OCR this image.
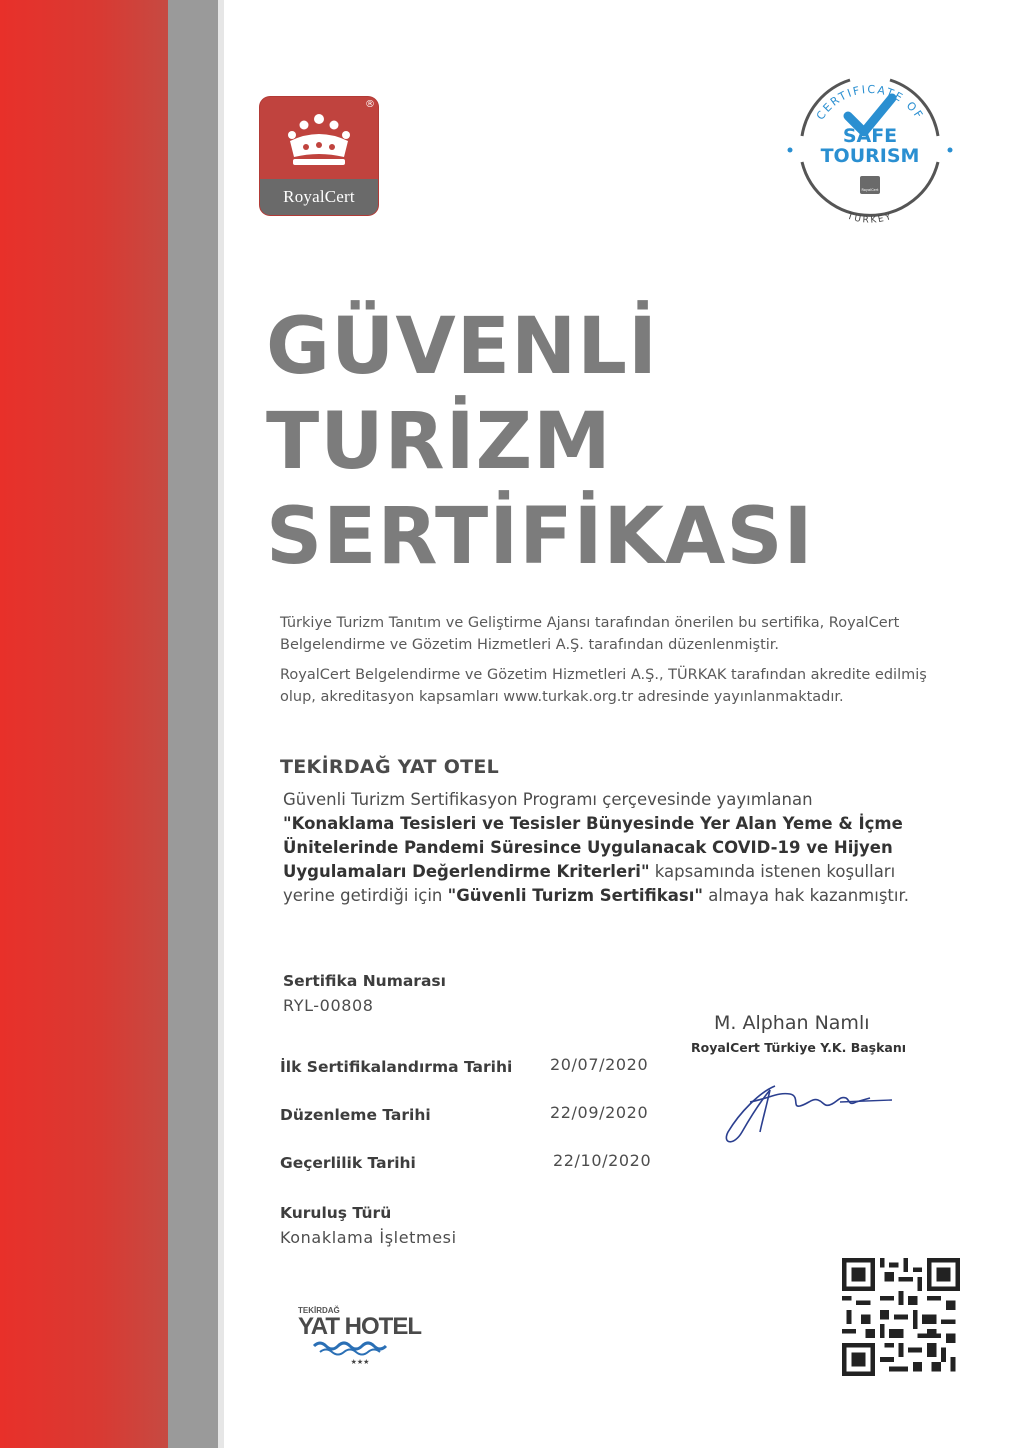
®
RoyalCert
CERTIFICATE OF
SAFE
TOURISM
RoyalCert
TURKEY
GÜVENLİ
TURİZM
SERTİFİKASI

Türkiye Turizm Tanıtım ve Geliştirme Ajansı tarafından önerilen bu sertifika, RoyalCert Belgelendirme ve Gözetim Hizmetleri A.Ş. tarafından düzenlenmiştir.

RoyalCert Belgelendirme ve Gözetim Hizmetleri A.Ş., TÜRKAK tarafından akredite edilmiş olup, akreditasyon kapsamları www.turkak.org.tr adresinde yayınlanmaktadır.

TEKİRDAĞ YAT OTEL
Güvenli Turizm Sertifikasyon Programı çerçevesinde yayımlanan "Konaklama Tesisleri ve Tesisler Bünyesinde Yer Alan Yeme & İçme Ünitelerinde Pandemi Süresince Uygulanacak COVID-19 ve Hijyen Uygulamaları Değerlendirme Kriterleri" kapsamında istenen koşulları yerine getirdiği için "Güvenli Turizm Sertifikası" almaya hak kazanmıştır.
Sertifika Numarası
RYL-00808
İlk Sertifikalandırma Tarihi 20/07/2020
Düzenleme Tarihi	22/09/2020
Geçerlilik Tarihi	22/10/2020
Kuruluş Türü
Konaklama İşletmesi
M. Alphan Namlı
RoyalCert Türkiye Y.K. Başkanı
TEKİRDAĞ
YAT HOTEL
★★★
